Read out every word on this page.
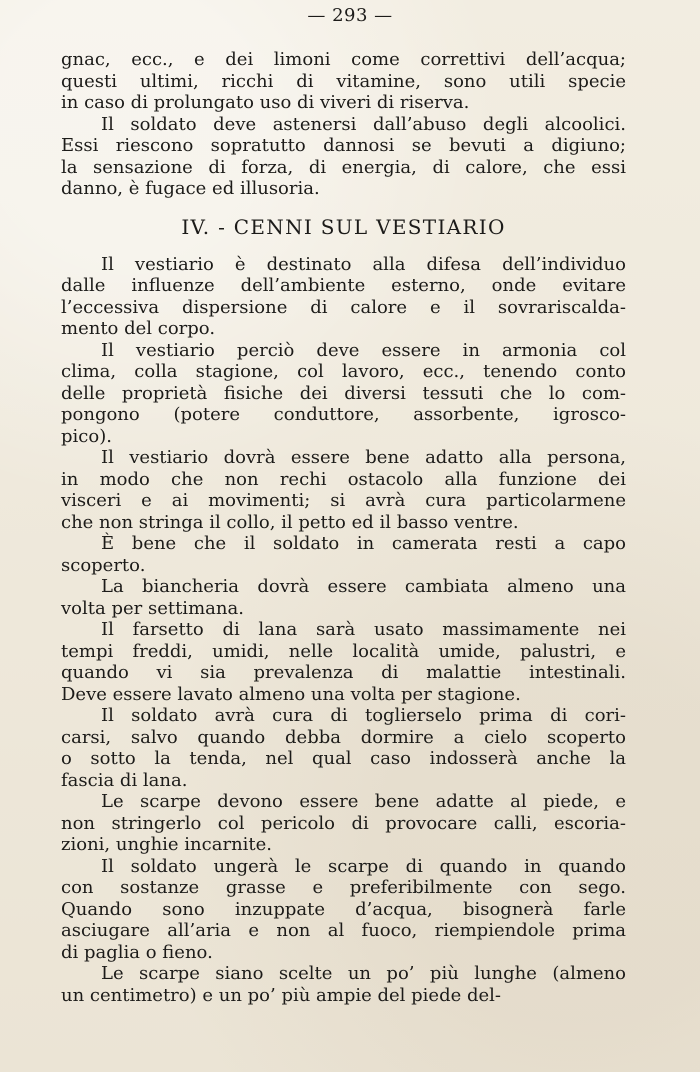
— 293 —
gnac, ecc., e dei limoni come correttivi dell’acqua;
questi ultimi, ricchi di vitamine, sono utili specie
in caso di prolungato uso di viveri di riserva.
Il soldato deve astenersi dall’abuso degli alcoolici.
Essi riescono sopratutto dannosi se bevuti a digiuno;
la sensazione di forza, di energia, di calore, che essi
danno, è fugace ed illusoria.
IV. - CENNI SUL VESTIARIO
Il vestiario è destinato alla difesa dell’individuo
dalle influenze dell’ambiente esterno, onde evitare
l’eccessiva dispersione di calore e il sovrariscalda-
mento del corpo.
Il vestiario perciò deve essere in armonia col
clima, colla stagione, col lavoro, ecc., tenendo conto
delle proprietà fisiche dei diversi tessuti che lo com-
pongono (potere conduttore, assorbente, igrosco-
pico).
Il vestiario dovrà essere bene adatto alla persona,
in modo che non rechi ostacolo alla funzione dei
visceri e ai movimenti; si avrà cura particolarmene
che non stringa il collo, il petto ed il basso ventre.
È bene che il soldato in camerata resti a capo
scoperto.
La biancheria dovrà essere cambiata almeno una
volta per settimana.
Il farsetto di lana sarà usato massimamente nei
tempi freddi, umidi, nelle località umide, palustri, e
quando vi sia prevalenza di malattie intestinali.
Deve essere lavato almeno una volta per stagione.
Il soldato avrà cura di toglierselo prima di cori-
carsi, salvo quando debba dormire a cielo scoperto
o sotto la tenda, nel qual caso indosserà anche la
fascia di lana.
Le scarpe devono essere bene adatte al piede, e
non stringerlo col pericolo di provocare calli, escoria-
zioni, unghie incarnite.
Il soldato ungerà le scarpe di quando in quando
con sostanze grasse e preferibilmente con sego.
Quando sono inzuppate d’acqua, bisognerà farle
asciugare all’aria e non al fuoco, riempiendole prima
di paglia o fieno.
Le scarpe siano scelte un po’ più lunghe (almeno
un centimetro) e un po’ più ampie del piede del-
